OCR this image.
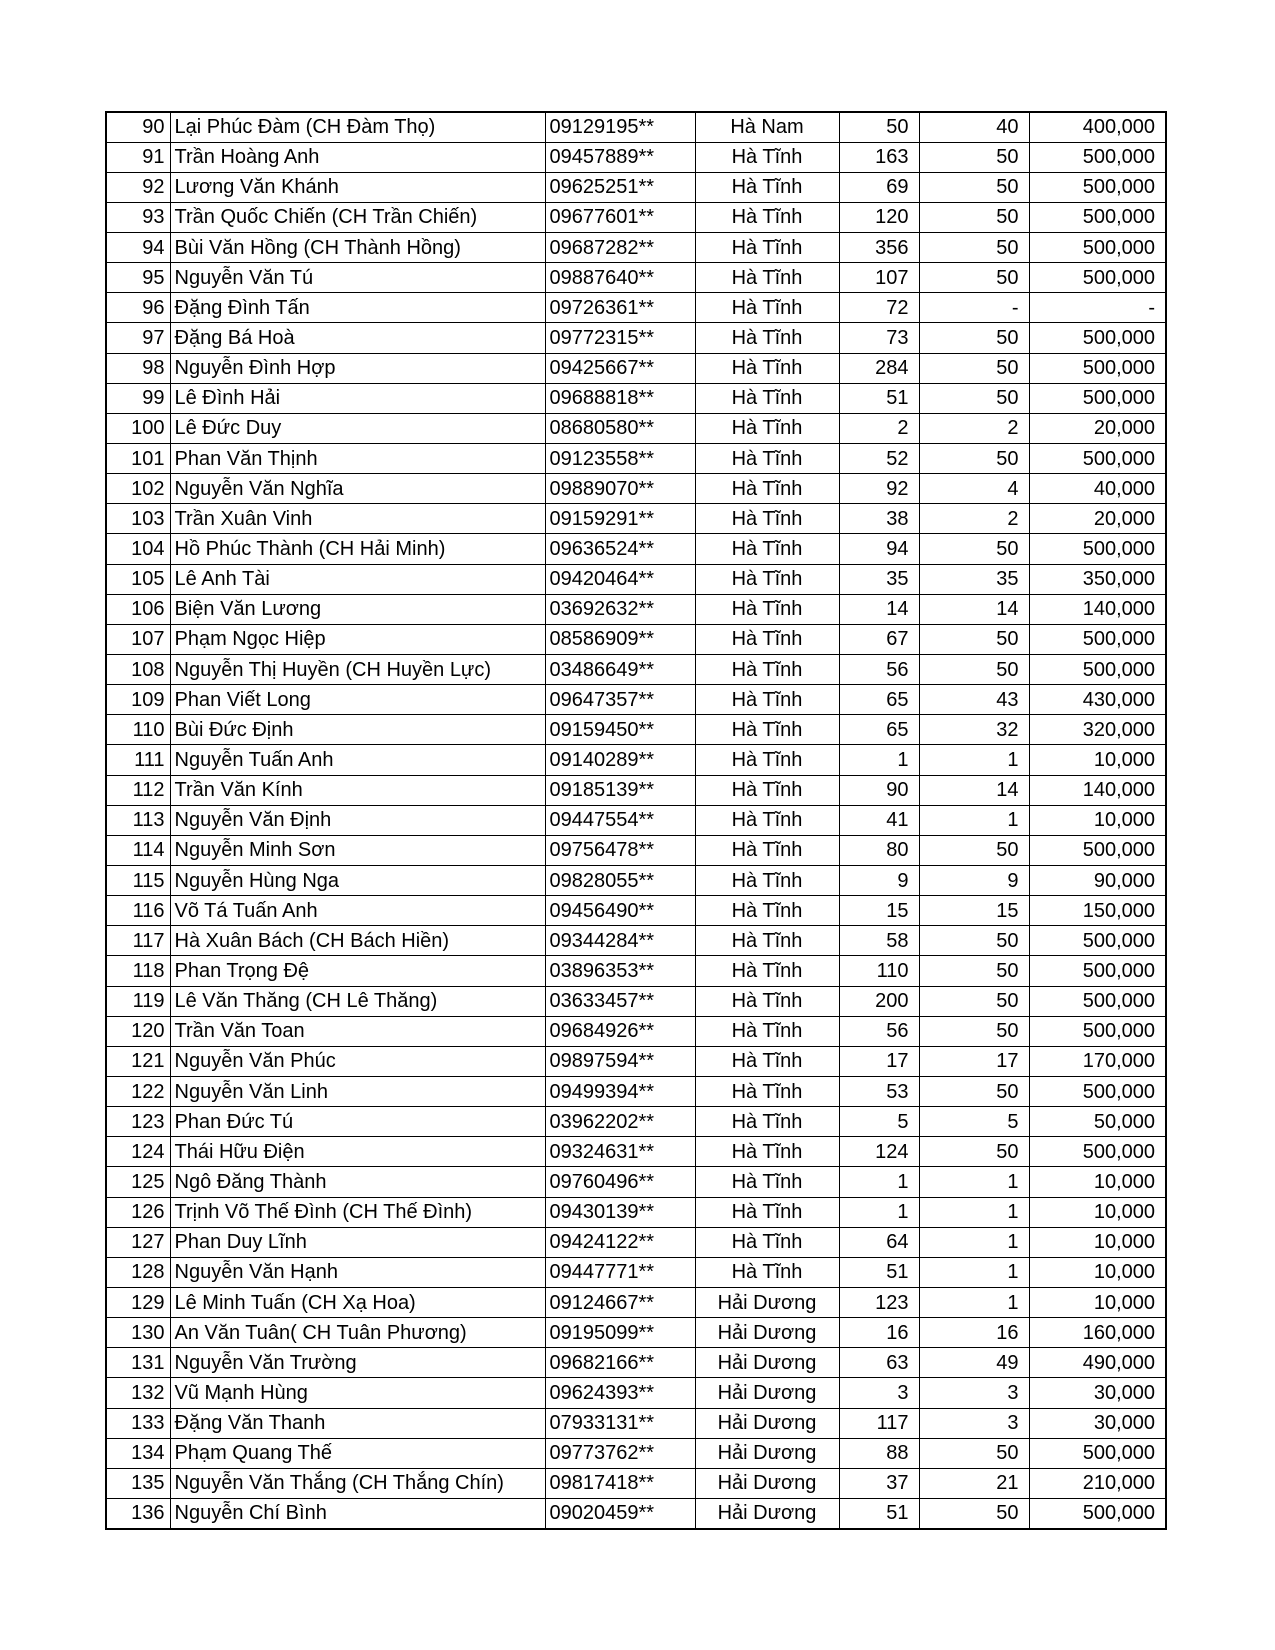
90	Lại Phúc Đàm (CH Đàm Thọ)	09129195**	Hà Nam	50	40	400,000
91	Trần Hoàng Anh	09457889**	Hà Tĩnh	163	50	500,000
92	Lương Văn Khánh	09625251**	Hà Tĩnh	69	50	500,000
93	Trần Quốc Chiến (CH Trần Chiến)	09677601**	Hà Tĩnh	120	50	500,000
94	Bùi Văn Hồng (CH Thành Hồng)	09687282**	Hà Tĩnh	356	50	500,000
95	Nguyễn Văn Tú	09887640**	Hà Tĩnh	107	50	500,000
96	Đặng Đình Tấn	09726361**	Hà Tĩnh	72	-	-
97	Đặng Bá Hoà	09772315**	Hà Tĩnh	73	50	500,000
98	Nguyễn Đình Hợp	09425667**	Hà Tĩnh	284	50	500,000
99	Lê Đình Hải	09688818**	Hà Tĩnh	51	50	500,000
100	Lê Đức Duy	08680580**	Hà Tĩnh	2	2	20,000
101	Phan Văn Thịnh	09123558**	Hà Tĩnh	52	50	500,000
102	Nguyễn Văn Nghĩa	09889070**	Hà Tĩnh	92	4	40,000
103	Trần Xuân Vinh	09159291**	Hà Tĩnh	38	2	20,000
104	Hồ Phúc Thành (CH Hải Minh)	09636524**	Hà Tĩnh	94	50	500,000
105	Lê Anh Tài	09420464**	Hà Tĩnh	35	35	350,000
106	Biện Văn Lương	03692632**	Hà Tĩnh	14	14	140,000
107	Phạm Ngọc Hiệp	08586909**	Hà Tĩnh	67	50	500,000
108	Nguyễn Thị Huyền (CH Huyền Lực)	03486649**	Hà Tĩnh	56	50	500,000
109	Phan Viết Long	09647357**	Hà Tĩnh	65	43	430,000
110	Bùi Đức Định	09159450**	Hà Tĩnh	65	32	320,000
111	Nguyễn Tuấn Anh	09140289**	Hà Tĩnh	1	1	10,000
112	Trần Văn Kính	09185139**	Hà Tĩnh	90	14	140,000
113	Nguyễn Văn Định	09447554**	Hà Tĩnh	41	1	10,000
114	Nguyễn Minh Sơn	09756478**	Hà Tĩnh	80	50	500,000
115	Nguyễn Hùng Nga	09828055**	Hà Tĩnh	9	9	90,000
116	Võ Tá Tuấn Anh	09456490**	Hà Tĩnh	15	15	150,000
117	Hà Xuân Bách (CH Bách Hiền)	09344284**	Hà Tĩnh	58	50	500,000
118	Phan Trọng Đệ	03896353**	Hà Tĩnh	110	50	500,000
119	Lê Văn Thăng (CH Lê Thăng)	03633457**	Hà Tĩnh	200	50	500,000
120	Trần Văn Toan	09684926**	Hà Tĩnh	56	50	500,000
121	Nguyễn Văn Phúc	09897594**	Hà Tĩnh	17	17	170,000
122	Nguyễn Văn Linh	09499394**	Hà Tĩnh	53	50	500,000
123	Phan Đức Tú	03962202**	Hà Tĩnh	5	5	50,000
124	Thái Hữu Điện	09324631**	Hà Tĩnh	124	50	500,000
125	Ngô Đăng Thành	09760496**	Hà Tĩnh	1	1	10,000
126	Trịnh Võ Thế Đình (CH Thế Đình)	09430139**	Hà Tĩnh	1	1	10,000
127	Phan Duy Lĩnh	09424122**	Hà Tĩnh	64	1	10,000
128	Nguyễn Văn Hạnh	09447771**	Hà Tĩnh	51	1	10,000
129	Lê Minh Tuấn (CH Xạ Hoa)	09124667**	Hải Dương	123	1	10,000
130	An Văn Tuân( CH Tuân Phương)	09195099**	Hải Dương	16	16	160,000
131	Nguyễn Văn Trường	09682166**	Hải Dương	63	49	490,000
132	Vũ Mạnh Hùng	09624393**	Hải Dương	3	3	30,000
133	Đặng Văn Thanh	07933131**	Hải Dương	117	3	30,000
134	Phạm Quang Thế	09773762**	Hải Dương	88	50	500,000
135	Nguyễn Văn Thắng (CH Thắng Chín)	09817418**	Hải Dương	37	21	210,000
136	Nguyễn Chí Bình	09020459**	Hải Dương	51	50	500,000
